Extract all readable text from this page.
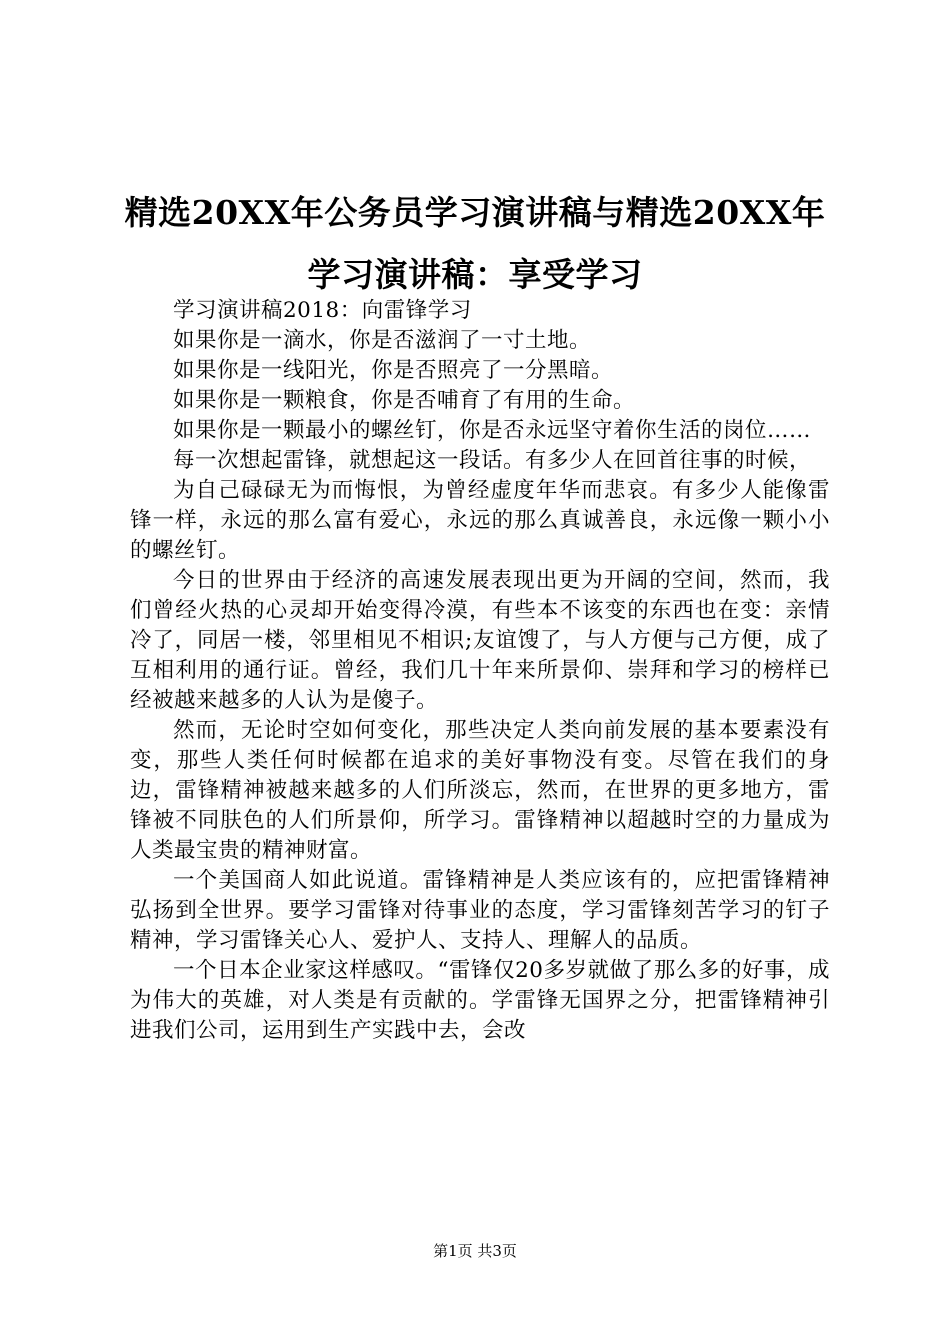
精选20XX年公务员学习演讲稿与精选20XX年
学习演讲稿：享受学习

学习演讲稿2018：向雷锋学习

如果你是一滴水，你是否滋润了一寸土地。

如果你是一线阳光，你是否照亮了一分黑暗。

如果你是一颗粮食，你是否哺育了有用的生命。

如果你是一颗最小的螺丝钉，你是否永远坚守着你生活的岗位……

每一次想起雷锋，就想起这一段话。有多少人在回首往事的时候，

为自己碌碌无为而悔恨，为曾经虚度年华而悲哀。有多少人能像雷锋一样，永远的那么富有爱心，永远的那么真诚善良，永远像一颗小小的螺丝钉。

今日的世界由于经济的高速发展表现出更为开阔的空间，然而，我们曾经火热的心灵却开始变得冷漠，有些本不该变的东西也在变：亲情冷了，同居一楼，邻里相见不相识;友谊馊了，与人方便与己方便，成了互相利用的通行证。曾经，我们几十年来所景仰、崇拜和学习的榜样已经被越来越多的人认为是傻子。

然而，无论时空如何变化，那些决定人类向前发展的基本要素没有变，那些人类任何时候都在追求的美好事物没有变。尽管在我们的身边，雷锋精神被越来越多的人们所淡忘，然而，在世界的更多地方，雷锋被不同肤色的人们所景仰，所学习。雷锋精神以超越时空的力量成为人类最宝贵的精神财富。

一个美国商人如此说道。雷锋精神是人类应该有的，应把雷锋精神弘扬到全世界。要学习雷锋对待事业的态度，学习雷锋刻苦学习的钉子精神，学习雷锋关心人、爱护人、支持人、理解人的品质。

一个日本企业家这样感叹。“雷锋仅20多岁就做了那么多的好事，成为伟大的英雄，对人类是有贡献的。学雷锋无国界之分，把雷锋精神引进我们公司，运用到生产实践中去，会改

第1页 共3页
